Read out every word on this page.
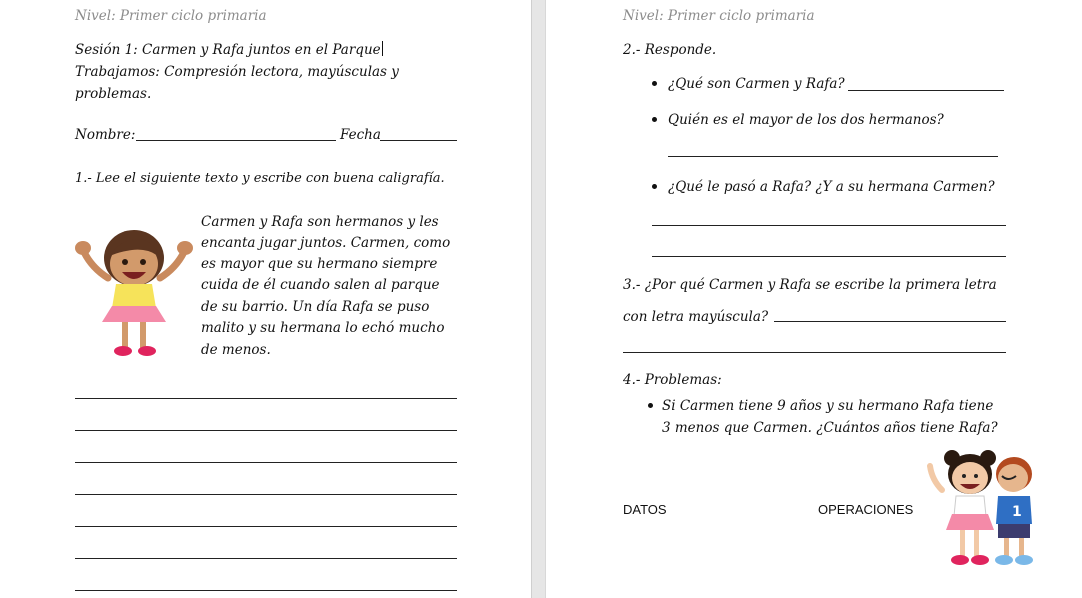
Nivel: Primer ciclo primaria
Sesión 1: Carmen y Rafa juntos en el Parque
Trabajamos: Compresión lectora, mayúsculas y
problemas.
Nombre:	Fecha
1.- Lee el siguiente texto y escribe con buena caligrafía.
Carmen y Rafa son hermanos y les
encanta jugar juntos. Carmen, como
es mayor que su hermano siempre
cuida de él cuando salen al parque
de su barrio. Un día Rafa se puso
malito y su hermana lo echó mucho
de menos.
Nivel: Primer ciclo primaria
2.- Responde.
¿Qué son Carmen y Rafa?
Quién es el mayor de los dos hermanos?
¿Qué le pasó a Rafa? ¿Y a su hermana Carmen?
3.- ¿Por qué Carmen y Rafa se escribe la primera letra
con letra mayúscula?
4.- Problemas:
Si Carmen tiene 9 años y su hermano Rafa tiene
3 menos que Carmen. ¿Cuántos años tiene Rafa?
DATOS	OPERACIONES	1
